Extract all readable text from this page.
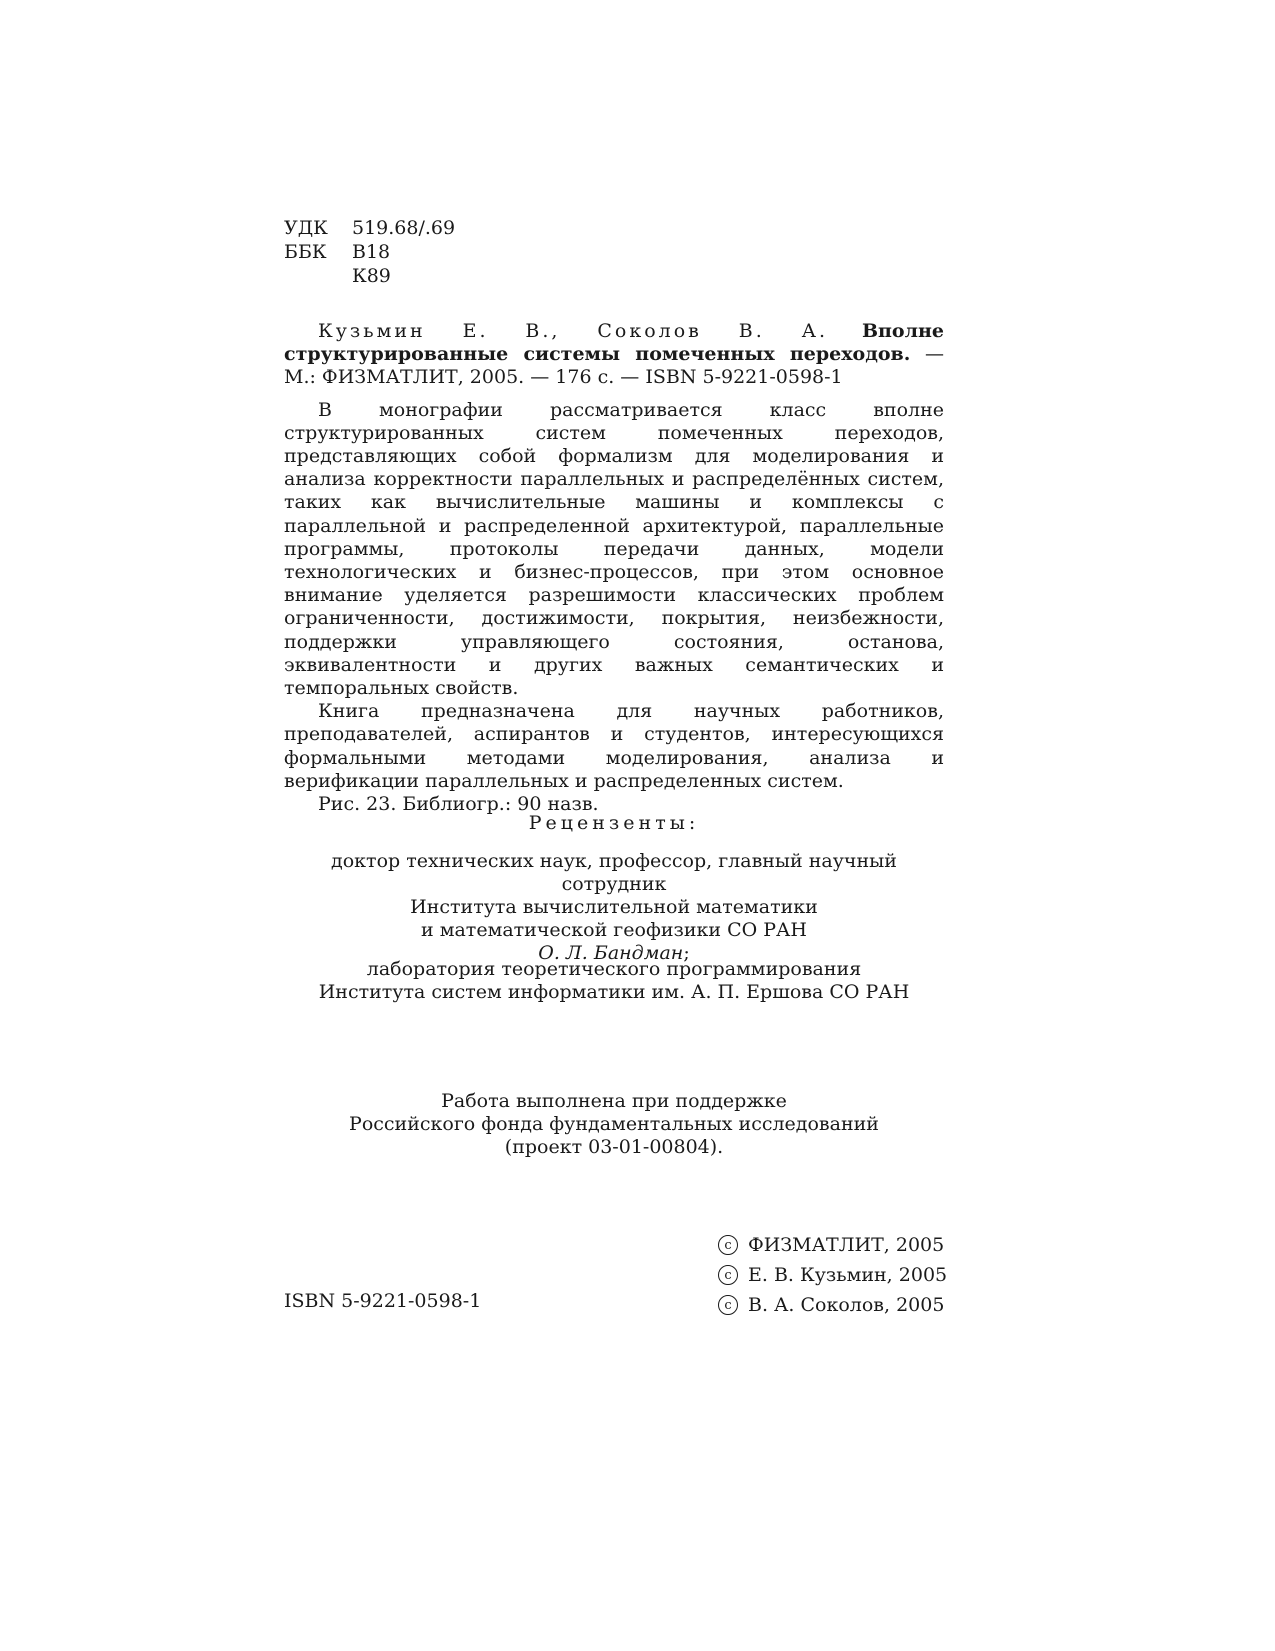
УДК	519.68/.69
ББК	В18
К89

Кузьмин Е. В., Соколов В. А. Вполне структурированные системы помеченных переходов. — М.: ФИЗМАТЛИТ, 2005. — 176 с. — ISBN 5-9221-0598-1

В монографии рассматривается класс вполне структурированных систем помеченных переходов, представляющих собой формализм для моделирования и анализа корректности параллельных и распределённых систем, таких как вычислительные машины и комплексы с параллельной и распределенной архитектурой, параллельные программы, протоколы передачи данных, модели технологических и бизнес-процессов, при этом основное внимание уделяется разрешимости классических проблем ограниченности, достижимости, покрытия, неизбежности, поддержки управляющего состояния, останова, эквивалентности и других важных семантических и темпоральных свойств.

Книга предназначена для научных работников, преподавателей, аспирантов и студентов, интересующихся формальными методами моделирования, анализа и верификации параллельных и распределенных систем.

Рис. 23. Библиогр.: 90 назв.

Рецензенты:
доктор технических наук, профессор, главный научный сотрудник
Института вычислительной математики
и математической геофизики СО РАН
О. Л. Бандман;
лаборатория теоретического программирования
Института систем информатики им. А. П. Ершова СО РАН
Работа выполнена при поддержке
Российского фонда фундаментальных исследований
(проект 03-01-00804).
ISBN 5-9221-0598-1
c ФИЗМАТЛИТ, 2005
c Е. В. Кузьмин, 2005
c В. А. Соколов, 2005
